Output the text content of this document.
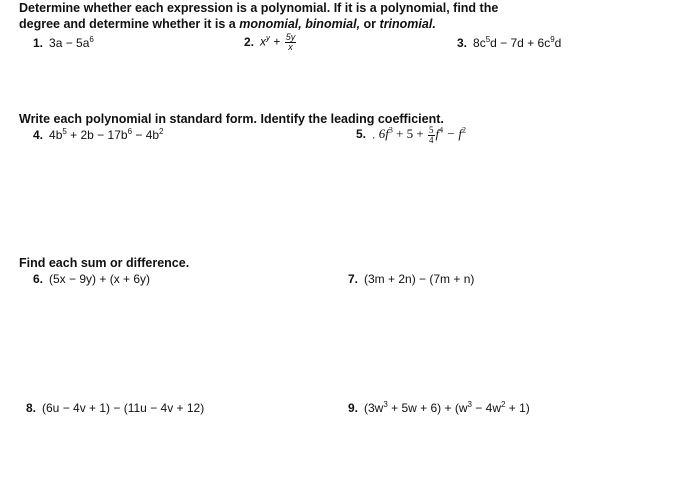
Determine whether each expression is a polynomial. If it is a polynomial, find the
degree and determine whether it is a monomial, binomial, or trinomial.
1. $3a - 5a^6$	2. $x^y + \frac{5y}{x}$	3. $8c^5d - 7d + 6c^9d$
Write each polynomial in standard form. Identify the leading coefficient.
4. $4b^5 + 2b - 17b^6 - 4b^2$	5. . $6f^3 + 5 + \frac{5}{4} f^4 - f^2$
Find each sum or difference.
6. (5x − 9y) + (x + 6y)	7. (3m + 2n) − (7m + n)
8. (6u − 4v + 1) − (11u − 4v + 12)	9. $(3w^3 + 5w + 6) + (w^3 - 4w^2 + 1)$
